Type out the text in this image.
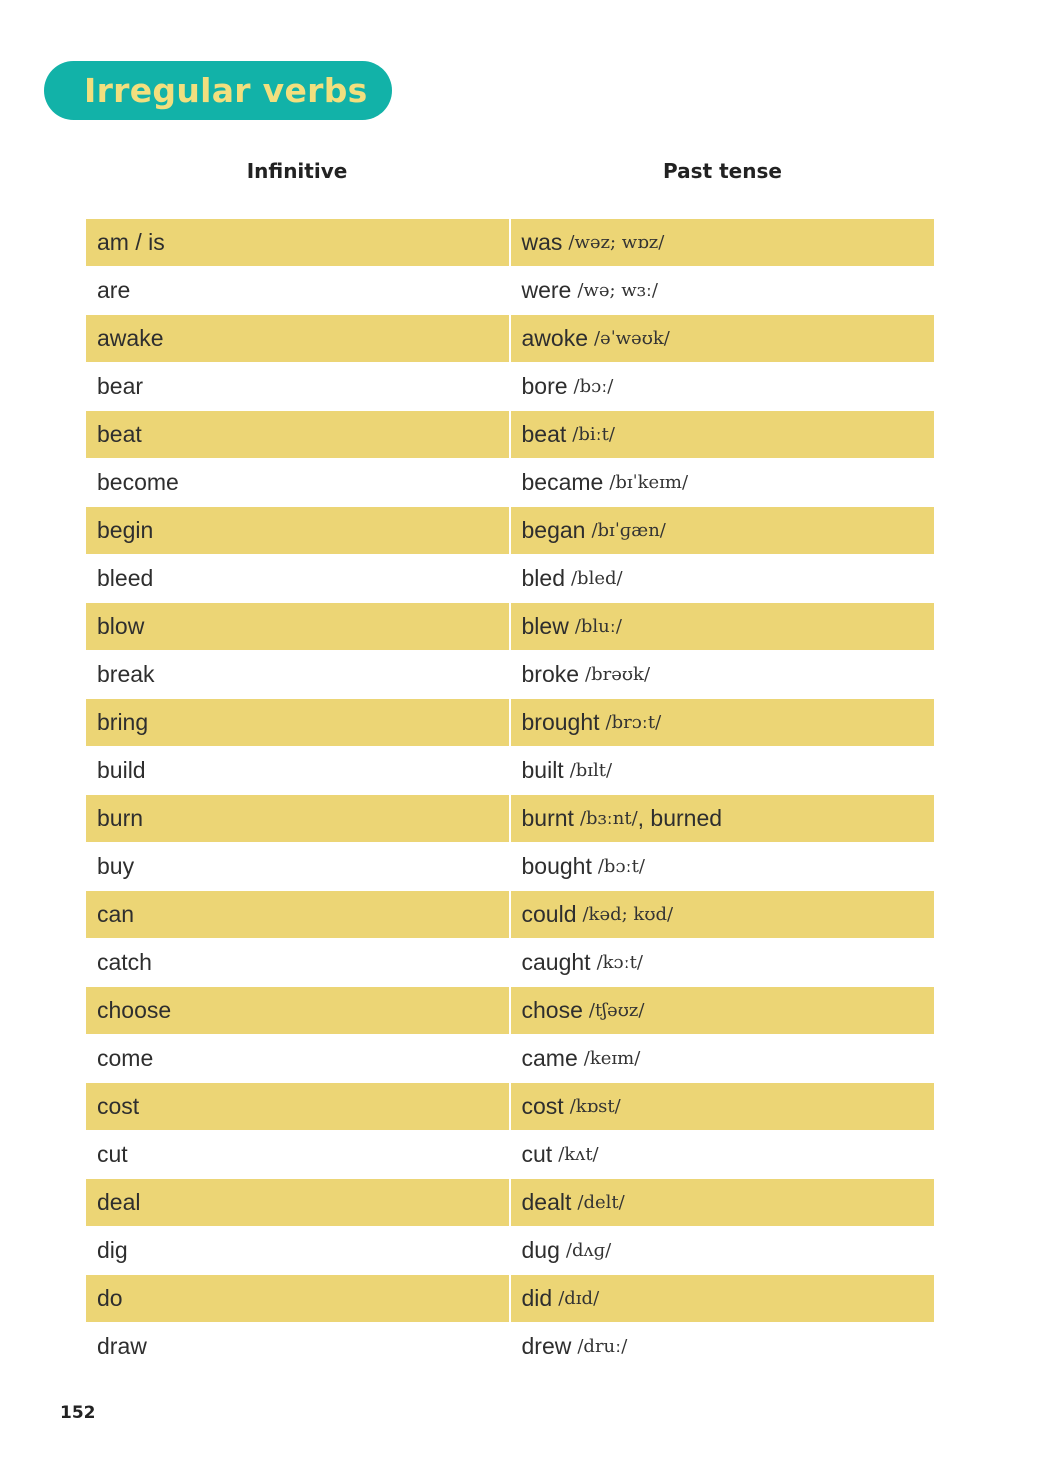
Irregular verbs
Infinitive	Past tense
am / is	was /wəz; wɒz/
are	were /wə; wɜː/
awake	awoke /əˈwəʊk/
bear	bore /bɔː/
beat	beat /biːt/
become	became /bɪˈkeɪm/
begin	began /bɪˈɡæn/
bleed	bled /bled/
blow	blew /bluː/
break	broke /brəʊk/
bring	brought /brɔːt/
build	built /bɪlt/
burn	burnt /bɜːnt/ , burned
buy	bought /bɔːt/
can	could /kəd; kʊd/
catch	caught /kɔːt/
choose	chose /tʃəʊz/
come	came /keɪm/
cost	cost /kɒst/
cut	cut /kʌt/
deal	dealt /delt/
dig	dug /dʌɡ/
do	did /dɪd/
draw	drew /druː/
152
